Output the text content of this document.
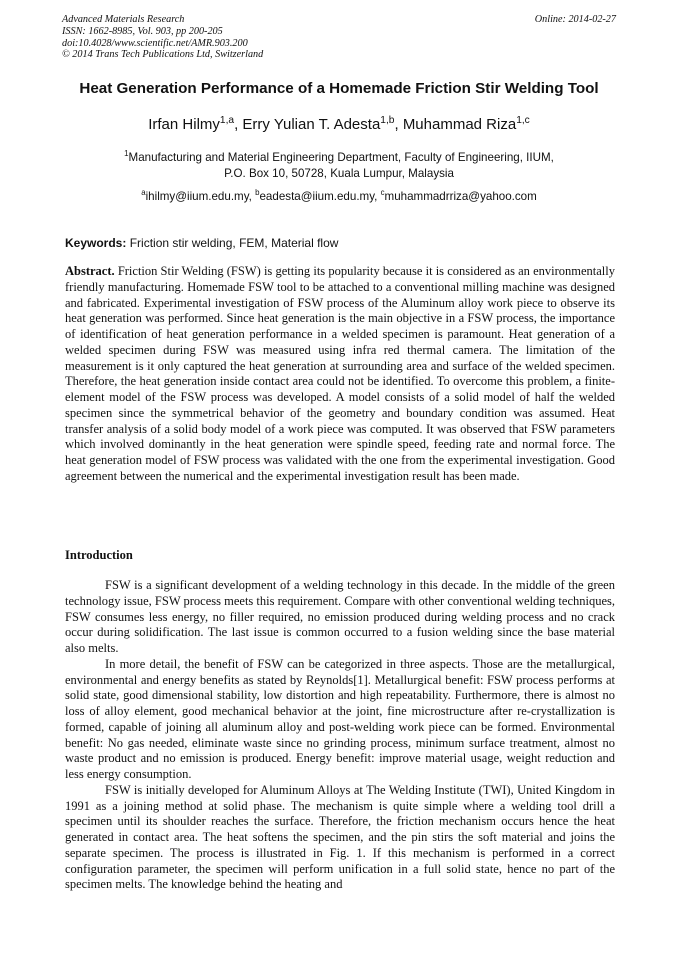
Advanced Materials Research
ISSN: 1662-8985, Vol. 903, pp 200-205
doi:10.4028/www.scientific.net/AMR.903.200
© 2014 Trans Tech Publications Ltd, Switzerland
Online: 2014-02-27
Heat Generation Performance of a Homemade Friction Stir Welding Tool
Irfan Hilmy$^{1,a}$, Erry Yulian T. Adesta$^{1,b}$, Muhammad Riza$^{1,c}$
$^1$Manufacturing and Material Engineering Department, Faculty of Engineering, IIUM,
P.O. Box 10, 50728, Kuala Lumpur, Malaysia
$^a$ihilmy@iium.edu.my, $^b$eadesta@iium.edu.my, $^c$muhammadrriza@yahoo.com
Keywords: Friction stir welding, FEM, Material flow

Abstract. Friction Stir Welding (FSW) is getting its popularity because it is considered as an environmentally friendly manufacturing. Homemade FSW tool to be attached to a conventional milling machine was designed and fabricated. Experimental investigation of FSW process of the Aluminum alloy work piece to observe its heat generation was performed. Since heat generation is the main objective in a FSW process, the importance of identification of heat generation performance in a welded specimen is paramount. Heat generation of a welded specimen during FSW was measured using infra red thermal camera. The limitation of the measurement is it only captured the heat generation at surrounding area and surface of the welded specimen. Therefore, the heat generation inside contact area could not be identified. To overcome this problem, a finite-element model of the FSW process was developed. A model consists of a solid model of half the welded specimen since the symmetrical behavior of the geometry and boundary condition was assumed. Heat transfer analysis of a solid body model of a work piece was computed. It was observed that FSW parameters which involved dominantly in the heat generation were spindle speed, feeding rate and normal force. The heat generation model of FSW process was validated with the one from the experimental investigation. Good agreement between the numerical and the experimental investigation result has been made.

Introduction

FSW is a significant development of a welding technology in this decade. In the middle of the green technology issue, FSW process meets this requirement. Compare with other conventional welding techniques, FSW consumes less energy, no filler required, no emission produced during welding process and no crack occur during solidification. The last issue is common occurred to a fusion welding since the base material also melts.

In more detail, the benefit of FSW can be categorized in three aspects. Those are the metallurgical, environmental and energy benefits as stated by Reynolds[1]. Metallurgical benefit: FSW process performs at solid state, good dimensional stability, low distortion and high repeatability. Furthermore, there is almost no loss of alloy element, good mechanical behavior at the joint, fine microstructure after re-crystallization is formed, capable of joining all aluminum alloy and post-welding work piece can be formed. Environmental benefit: No gas needed, eliminate waste since no grinding process, minimum surface treatment, almost no waste product and no emission is produced. Energy benefit: improve material usage, weight reduction and less energy consumption.

FSW is initially developed for Aluminum Alloys at The Welding Institute (TWI), United Kingdom in 1991 as a joining method at solid phase. The mechanism is quite simple where a welding tool drill a specimen until its shoulder reaches the surface. Therefore, the friction mechanism occurs hence the heat generated in contact area. The heat softens the specimen, and the pin stirs the soft material and joins the separate specimen. The process is illustrated in Fig. 1. If this mechanism is performed in a correct configuration parameter, the specimen will perform unification in a full solid state, hence no part of the specimen melts. The knowledge behind the heating and
